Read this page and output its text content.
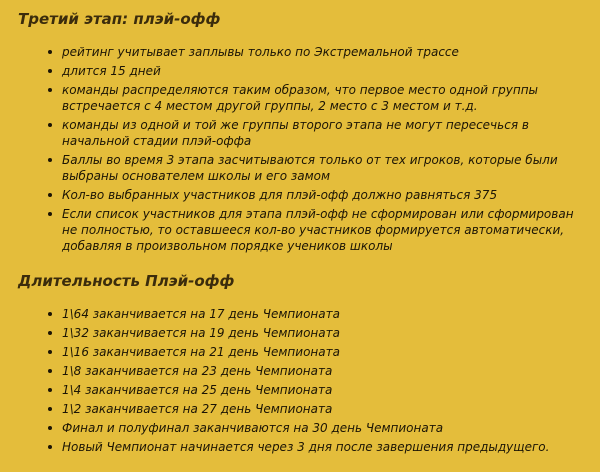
Третий этап: плэй-офф
рейтинг учитывает заплывы только по Экстремальной трассе
длится 15 дней
команды распределяются таким образом, что первое место одной группы встречается с 4 местом другой группы, 2 место с 3 местом и т.д.
команды из одной и той же группы второго этапа не могут пересечься в начальной стадии плэй-оффа
Баллы во время 3 этапа засчитываются только от тех игроков, которые были выбраны основателем школы и его замом
Кол-во выбранных участников для плэй-офф должно равняться 375
Если список участников для этапа плэй-офф не сформирован или сформирован не полностью, то оставшееся кол-во участников формируется автоматически, добавляя в произвольном порядке учеников школы
Длительность Плэй-офф
1\64 заканчивается на 17 день Чемпионата
1\32 заканчивается на 19 день Чемпионата
1\16 заканчивается на 21 день Чемпионата
1\8 заканчивается на 23 день Чемпионата
1\4 заканчивается на 25 день Чемпионата
1\2 заканчивается на 27 день Чемпионата
Финал и полуфинал заканчиваются на 30 день Чемпионата
Новый Чемпионат начинается через 3 дня после завершения предыдущего.
